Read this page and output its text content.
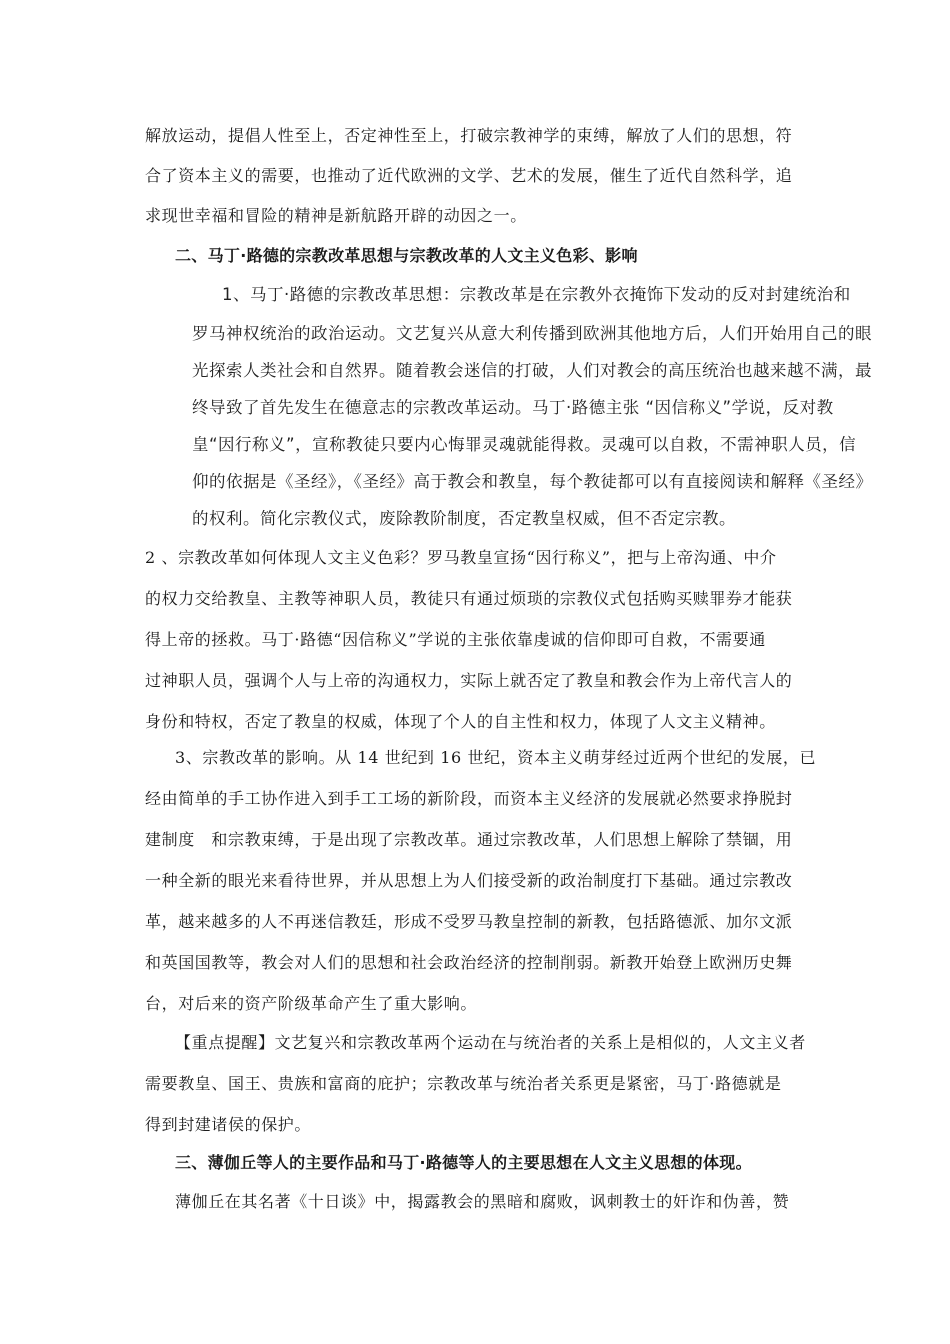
解放运动，提倡人性至上，否定神性至上，打破宗教神学的束缚，解放了人们的思想，符
合了资本主义的需要，也推动了近代欧洲的文学、艺术的发展，催生了近代自然科学，追
求现世幸福和冒险的精神是新航路开辟的动因之一。
二、马丁·路德的宗教改革思想与宗教改革的人文主义色彩、影响
1、马丁·路德的宗教改革思想：宗教改革是在宗教外衣掩饰下发动的反对封建统治和
罗马神权统治的政治运动。文艺复兴从意大利传播到欧洲其他地方后，人们开始用自己的眼
光探索人类社会和自然界。随着教会迷信的打破，人们对教会的高压统治也越来越不满，最
终导致了首先发生在德意志的宗教改革运动。马丁·路德主张 “因信称义”学说，反对教
皇“因行称义”，宣称教徒只要内心悔罪灵魂就能得救。灵魂可以自救，不需神职人员，信
仰的依据是《圣经》，《圣经》高于教会和教皇，每个教徒都可以有直接阅读和解释《圣经》
的权利。简化宗教仪式，废除教阶制度，否定教皇权威，但不否定宗教。
2 、宗教改革如何体现人文主义色彩？罗马教皇宣扬“因行称义”，把与上帝沟通、中介
的权力交给教皇、主教等神职人员，教徒只有通过烦琐的宗教仪式包括购买赎罪券才能获
得上帝的拯救。马丁·路德“因信称义”学说的主张依靠虔诚的信仰即可自救，不需要通
过神职人员，强调个人与上帝的沟通权力，实际上就否定了教皇和教会作为上帝代言人的
身份和特权，否定了教皇的权威，体现了个人的自主性和权力，体现了人文主义精神。
3、宗教改革的影响。从 14 世纪到 16 世纪，资本主义萌芽经过近两个世纪的发展，已
经由简单的手工协作进入到手工工场的新阶段，而资本主义经济的发展就必然要求挣脱封
建制度　和宗教束缚，于是出现了宗教改革。通过宗教改革，人们思想上解除了禁锢，用
一种全新的眼光来看待世界，并从思想上为人们接受新的政治制度打下基础。通过宗教改
革，越来越多的人不再迷信教廷，形成不受罗马教皇控制的新教，包括路德派、加尔文派
和英国国教等，教会对人们的思想和社会政治经济的控制削弱。新教开始登上欧洲历史舞
台，对后来的资产阶级革命产生了重大影响。
【重点提醒】文艺复兴和宗教改革两个运动在与统治者的关系上是相似的，人文主义者
需要教皇、国王、贵族和富商的庇护；宗教改革与统治者关系更是紧密，马丁·路德就是
得到封建诸侯的保护。
三、薄伽丘等人的主要作品和马丁·路德等人的主要思想在人文主义思想的体现。
薄伽丘在其名著《十日谈》中，揭露教会的黑暗和腐败，讽刺教士的奸诈和伪善，赞
